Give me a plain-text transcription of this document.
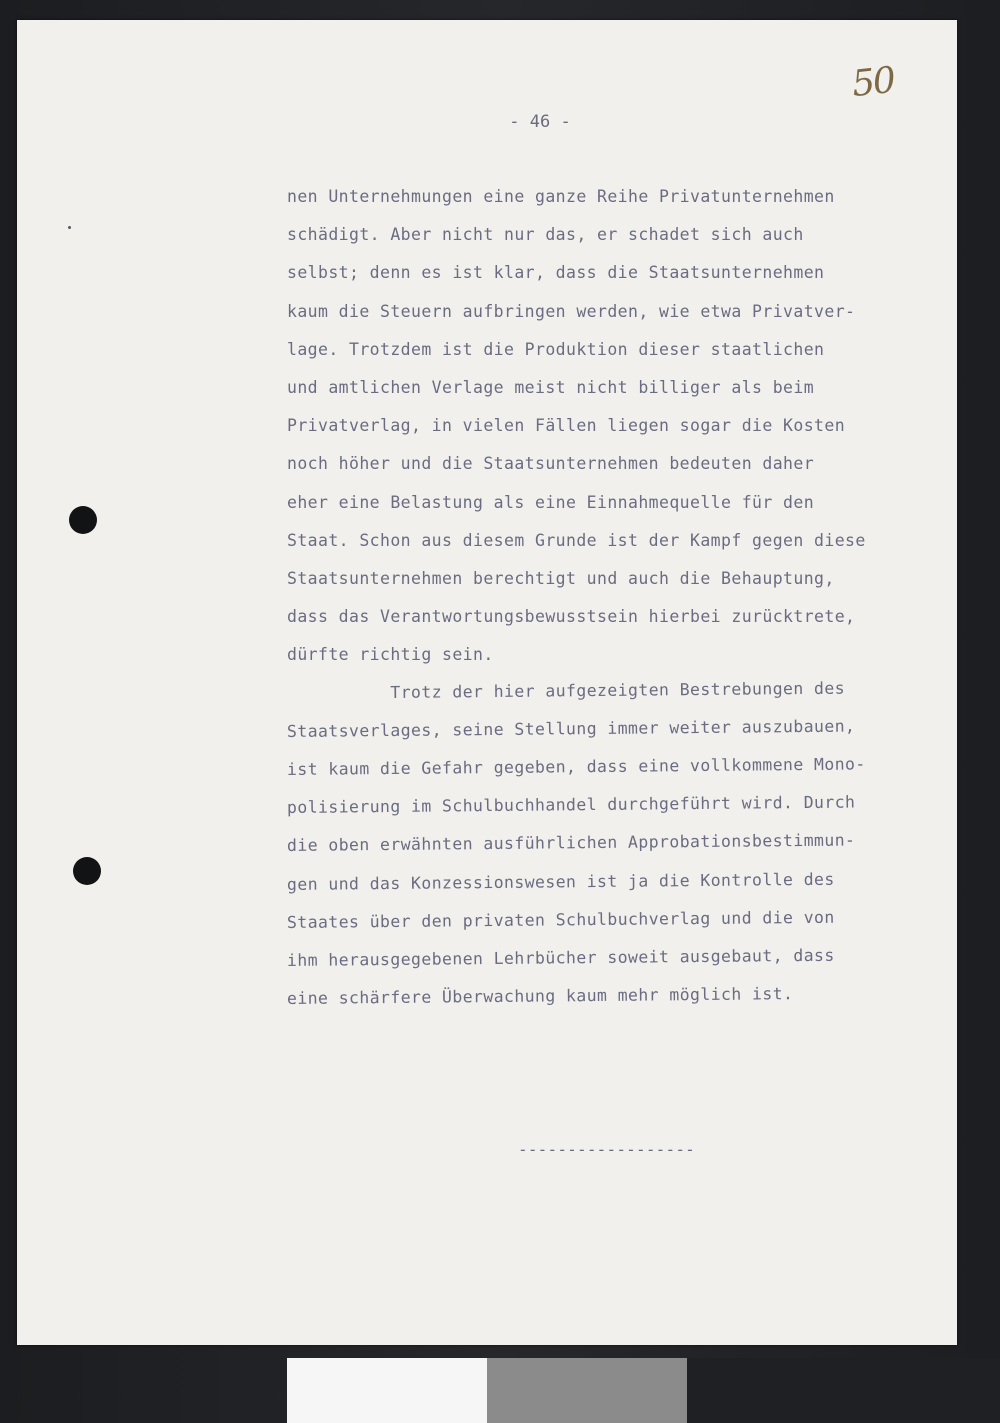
50
- 46 -
nen Unternehmungen eine ganze Reihe Privatunternehmen
schädigt. Aber nicht nur das, er schadet sich auch
selbst; denn es ist klar, dass die Staatsunternehmen
kaum die Steuern aufbringen werden, wie etwa Privatver-
lage. Trotzdem ist die Produktion dieser staatlichen
und amtlichen Verlage meist nicht billiger als beim
Privatverlag, in vielen Fällen liegen sogar die Kosten
noch höher und die Staatsunternehmen bedeuten daher
eher eine Belastung als eine Einnahmequelle für den
Staat. Schon aus diesem Grunde ist der Kampf gegen diese
Staatsunternehmen berechtigt und auch die Behauptung,
dass das Verantwortungsbewusstsein hierbei zurücktrete,
dürfte richtig sein.
Trotz der hier aufgezeigten Bestrebungen des
Staatsverlages, seine Stellung immer weiter auszubauen,
ist kaum die Gefahr gegeben, dass eine vollkommene Mono-
polisierung im Schulbuchhandel durchgeführt wird. Durch
die oben erwähnten ausführlichen Approbationsbestimmun-
gen und das Konzessionswesen ist ja die Kontrolle des
Staates über den privaten Schulbuchverlag und die von
ihm herausgegebenen Lehrbücher soweit ausgebaut, dass
eine schärfere Überwachung kaum mehr möglich ist.
------------------
